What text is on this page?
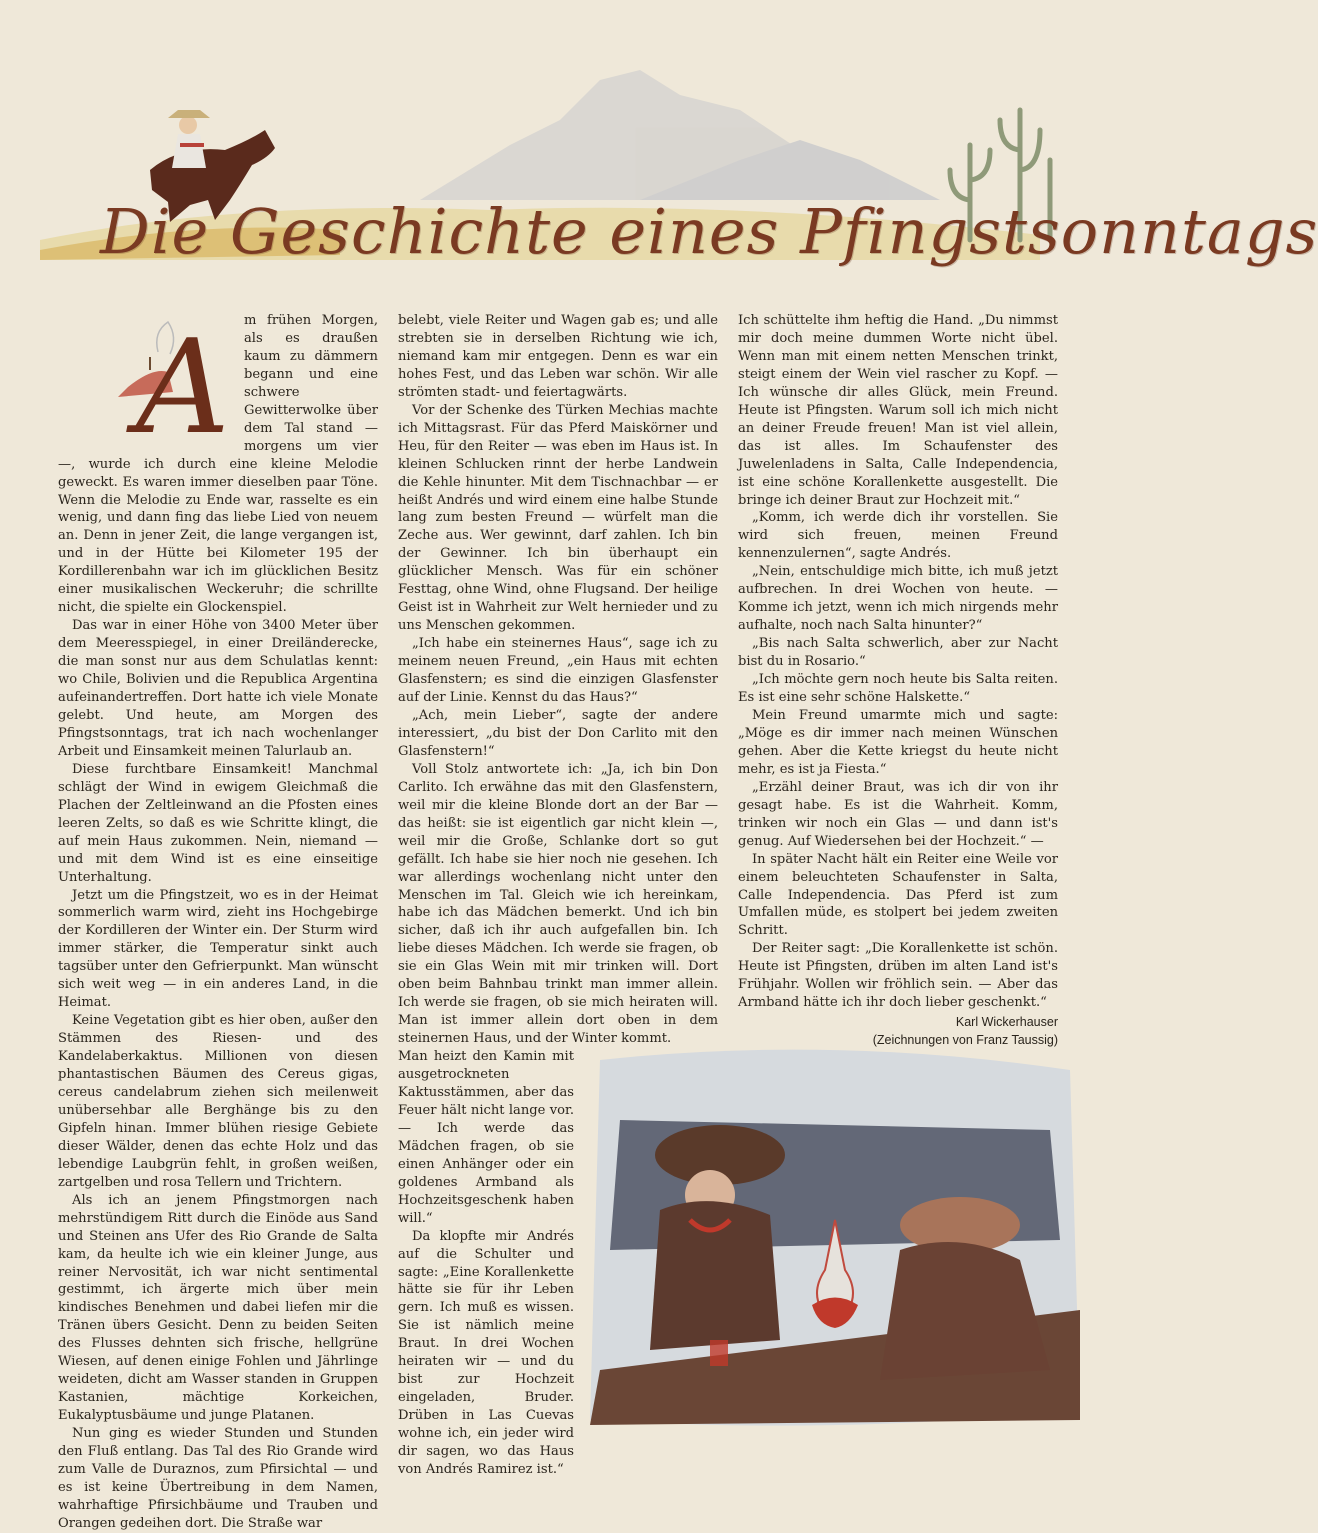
Die Geschichte eines Pfingstsonntags
A	m frühen Morgen, als es draußen kaum zu dämmern begann und eine schwere Gewitterwolke über dem Tal stand — morgens um vier —, wurde ich durch eine kleine Melodie geweckt. Es waren immer dieselben paar Töne. Wenn die Melodie zu Ende war, rasselte es ein wenig, und dann fing das liebe Lied von neuem an. Denn in jener Zeit, die lange vergangen ist, und in der Hütte bei Kilometer 195 der Kordillerenbahn war ich im glücklichen Besitz einer musikalischen Weckeruhr; die schrillte nicht, die spielte ein Glockenspiel.

Das war in einer Höhe von 3400 Meter über dem Meeresspiegel, in einer Dreiländerecke, die man sonst nur aus dem Schulatlas kennt: wo Chile, Bolivien und die Republica Argentina aufeinandertreffen. Dort hatte ich viele Monate gelebt. Und heute, am Morgen des Pfingstsonntags, trat ich nach wochenlanger Arbeit und Einsamkeit meinen Talurlaub an.

Diese furchtbare Einsamkeit! Manchmal schlägt der Wind in ewigem Gleichmaß die Plachen der Zeltleinwand an die Pfosten eines leeren Zelts, so daß es wie Schritte klingt, die auf mein Haus zukommen. Nein, niemand — und mit dem Wind ist es eine einseitige Unterhaltung.

Jetzt um die Pfingstzeit, wo es in der Heimat sommerlich warm wird, zieht ins Hochgebirge der Kordilleren der Winter ein. Der Sturm wird immer stärker, die Temperatur sinkt auch tagsüber unter den Gefrierpunkt. Man wünscht sich weit weg — in ein anderes Land, in die Heimat.

Keine Vegetation gibt es hier oben, außer den Stämmen des Riesen- und des Kandelaberkaktus. Millionen von diesen phantastischen Bäumen des Cereus gigas, cereus candelabrum ziehen sich meilenweit unübersehbar alle Berghänge bis zu den Gipfeln hinan. Immer blühen riesige Gebiete dieser Wälder, denen das echte Holz und das lebendige Laubgrün fehlt, in großen weißen, zartgelben und rosa Tellern und Trichtern.

Als ich an jenem Pfingstmorgen nach mehrstündigem Ritt durch die Einöde aus Sand und Steinen ans Ufer des Rio Grande de Salta kam, da heulte ich wie ein kleiner Junge, aus reiner Nervosität, ich war nicht sentimental gestimmt, ich ärgerte mich über mein kindisches Benehmen und dabei liefen mir die Tränen übers Gesicht. Denn zu beiden Seiten des Flusses dehnten sich frische, hellgrüne Wiesen, auf denen einige Fohlen und Jährlinge weideten, dicht am Wasser standen in Gruppen Kastanien, mächtige Korkeichen, Eukalyptusbäume und junge Platanen.

Nun ging es wieder Stunden und Stunden den Fluß entlang. Das Tal des Rio Grande wird zum Valle de Duraznos, zum Pfirsichtal — und es ist keine Übertreibung in dem Namen, wahrhaftige Pfirsichbäume und Trauben und Orangen gedeihen dort. Die Straße war

belebt, viele Reiter und Wagen gab es; und alle strebten sie in derselben Richtung wie ich, niemand kam mir entgegen. Denn es war ein hohes Fest, und das Leben war schön. Wir alle strömten stadt- und feiertagwärts.

Vor der Schenke des Türken Mechias machte ich Mittagsrast. Für das Pferd Maiskörner und Heu, für den Reiter — was eben im Haus ist. In kleinen Schlucken rinnt der herbe Landwein die Kehle hinunter. Mit dem Tischnachbar — er heißt Andrés und wird einem eine halbe Stunde lang zum besten Freund — würfelt man die Zeche aus. Wer gewinnt, darf zahlen. Ich bin der Gewinner. Ich bin überhaupt ein glücklicher Mensch. Was für ein schöner Festtag, ohne Wind, ohne Flugsand. Der heilige Geist ist in Wahrheit zur Welt hernieder und zu uns Menschen gekommen.

„Ich habe ein steinernes Haus“, sage ich zu meinem neuen Freund, „ein Haus mit echten Glasfenstern; es sind die einzigen Glasfenster auf der Linie. Kennst du das Haus?“

„Ach, mein Lieber“, sagte der andere interessiert, „du bist der Don Carlito mit den Glasfenstern!“

Voll Stolz antwortete ich: „Ja, ich bin Don Carlito. Ich erwähne das mit den Glasfenstern, weil mir die kleine Blonde dort an der Bar — das heißt: sie ist eigentlich gar nicht klein —, weil mir die Große, Schlanke dort so gut gefällt. Ich habe sie hier noch nie gesehen. Ich war allerdings wochenlang nicht unter den Menschen im Tal. Gleich wie ich hereinkam, habe ich das Mädchen bemerkt. Und ich bin sicher, daß ich ihr auch aufgefallen bin. Ich liebe dieses Mädchen. Ich werde sie fragen, ob sie ein Glas Wein mit mir trinken will. Dort oben beim Bahnbau trinkt man immer allein. Ich werde sie fragen, ob sie mich heiraten will. Man ist immer allein dort oben in dem steinernen Haus, und der Winter kommt.

Man heizt den Kamin mit ausgetrockneten Kaktusstämmen, aber das Feuer hält nicht lange vor. — Ich werde das Mädchen fragen, ob sie einen Anhänger oder ein goldenes Armband als Hochzeitsgeschenk haben will.“

Da klopfte mir Andrés auf die Schulter und sagte: „Eine Korallenkette hätte sie für ihr Leben gern. Ich muß es wissen. Sie ist nämlich meine Braut. In drei Wochen heiraten wir — und du bist zur Hochzeit eingeladen, Bruder. Drüben in Las Cuevas wohne ich, ein jeder wird dir sagen, wo das Haus von Andrés Ramirez ist.“

Ich schüttelte ihm heftig die Hand. „Du nimmst mir doch meine dummen Worte nicht übel. Wenn man mit einem netten Menschen trinkt, steigt einem der Wein viel rascher zu Kopf. — Ich wünsche dir alles Glück, mein Freund. Heute ist Pfingsten. Warum soll ich mich nicht an deiner Freude freuen! Man ist viel allein, das ist alles. Im Schaufenster des Juwelenladens in Salta, Calle Independencia, ist eine schöne Korallenkette ausgestellt. Die bringe ich deiner Braut zur Hochzeit mit.“

„Komm, ich werde dich ihr vorstellen. Sie wird sich freuen, meinen Freund kennenzulernen“, sagte Andrés.

„Nein, entschuldige mich bitte, ich muß jetzt aufbrechen. In drei Wochen von heute. — Komme ich jetzt, wenn ich mich nirgends mehr aufhalte, noch nach Salta hinunter?“

„Bis nach Salta schwerlich, aber zur Nacht bist du in Rosario.“

„Ich möchte gern noch heute bis Salta reiten. Es ist eine sehr schöne Halskette.“

Mein Freund umarmte mich und sagte: „Möge es dir immer nach meinen Wünschen gehen. Aber die Kette kriegst du heute nicht mehr, es ist ja Fiesta.“

„Erzähl deiner Braut, was ich dir von ihr gesagt habe. Es ist die Wahrheit. Komm, trinken wir noch ein Glas — und dann ist's genug. Auf Wiedersehen bei der Hochzeit.“ —

In später Nacht hält ein Reiter eine Weile vor einem beleuchteten Schaufenster in Salta, Calle Independencia. Das Pferd ist zum Umfallen müde, es stolpert bei jedem zweiten Schritt.

Der Reiter sagt: „Die Korallenkette ist schön. Heute ist Pfingsten, drüben im alten Land ist's Frühjahr. Wollen wir fröhlich sein. — Aber das Armband hätte ich ihr doch lieber geschenkt.“

Karl Wickerhauser
(Zeichnungen von Franz Taussig)
